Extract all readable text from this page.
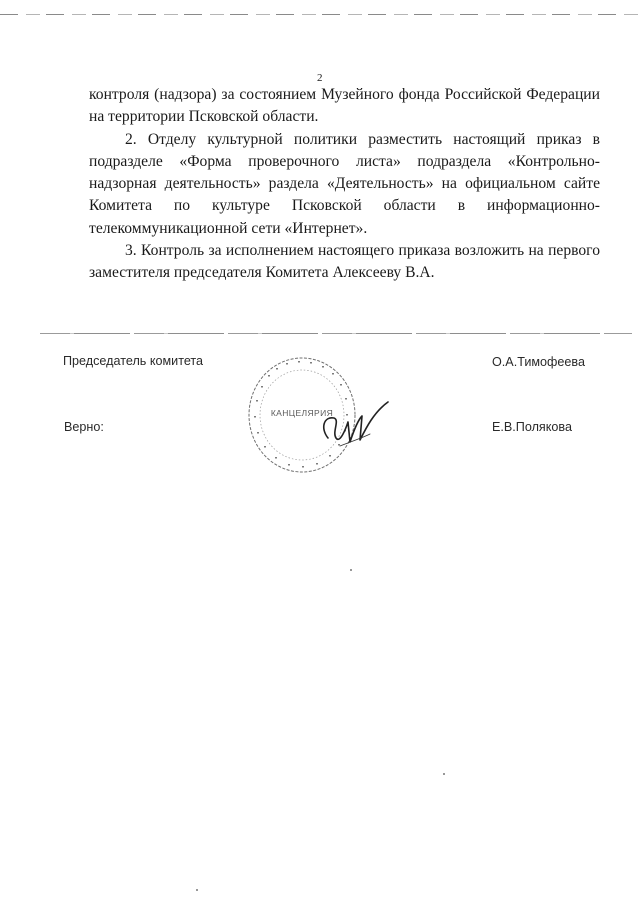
2

контроля (надзора) за состоянием Музейного фонда Российской Федерации на территории Псковской области.

2. Отделу культурной политики разместить настоящий приказ в подразделе «Форма проверочного листа» подраздела «Контрольно-надзорная деятельность» раздела «Деятельность» на официальном сайте Комитета по культуре Псковской области в информационно-телекоммуникационной сети «Интернет».

3. Контроль за исполнением настоящего приказа возложить на первого заместителя председателя Комитета Алексееву В.А.

Председатель комитета	О.А.Тимофеева
Верно:	Е.В.Полякова
КАНЦЕЛЯРИЯ
